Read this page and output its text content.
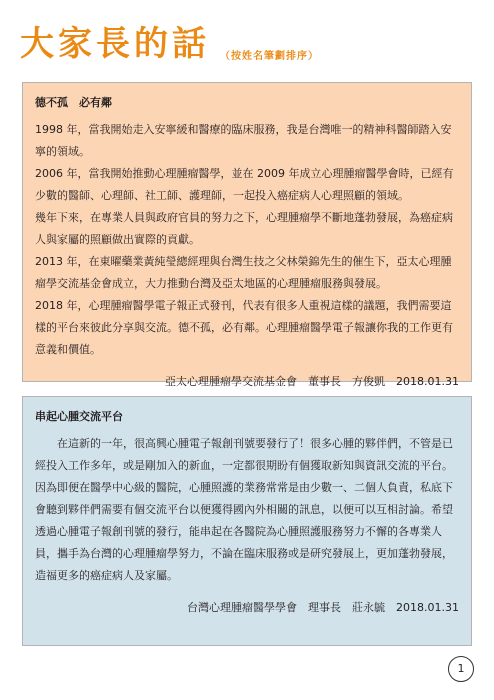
大家長的話 （按姓名筆劃排序）
德不孤　必有鄰

1998 年，當我開始走入安寧緩和醫療的臨床服務，我是台灣唯一的精神科醫師踏入安寧的領域。

2006 年，當我開始推動心理腫瘤醫學，並在 2009 年成立心理腫瘤醫學會時，已經有少數的醫師、心理師、社工師、護理師，一起投入癌症病人心理照顧的領域。

幾年下來，在專業人員與政府官員的努力之下，心理腫瘤學不斷地蓬勃發展，為癌症病人與家屬的照顧做出實際的貢獻。

2013 年，在東曜藥業黃純瑩總經理與台灣生技之父林榮錦先生的催生下，亞太心理腫瘤學交流基金會成立，大力推動台灣及亞太地區的心理腫瘤服務與發展。

2018 年，心理腫瘤醫學電子報正式發刊，代表有很多人重視這樣的議題，我們需要這樣的平台來彼此分享與交流。德不孤，必有鄰。心理腫瘤醫學電子報讓你我的工作更有意義和價值。

亞太心理腫瘤學交流基金會　董事長　方俊凱　2018.01.31
串起心腫交流平台

在這新的一年，很高興心腫電子報創刊號要發行了！很多心腫的夥伴們，不管是已經投入工作多年，或是剛加入的新血，一定都很期盼有個獲取新知與資訊交流的平台。因為即便在醫學中心級的醫院，心腫照護的業務常常是由少數一、二個人負責，私底下會聽到夥伴們需要有個交流平台以便獲得國內外相關的訊息，以便可以互相討論。希望透過心腫電子報創刊號的發行，能串起在各醫院為心腫照護服務努力不懈的各專業人員，攜手為台灣的心理腫瘤學努力，不論在臨床服務或是研究發展上，更加蓬勃發展，造福更多的癌症病人及家屬。

台灣心理腫瘤醫學學會　理事長　莊永毓　2018.01.31
1
